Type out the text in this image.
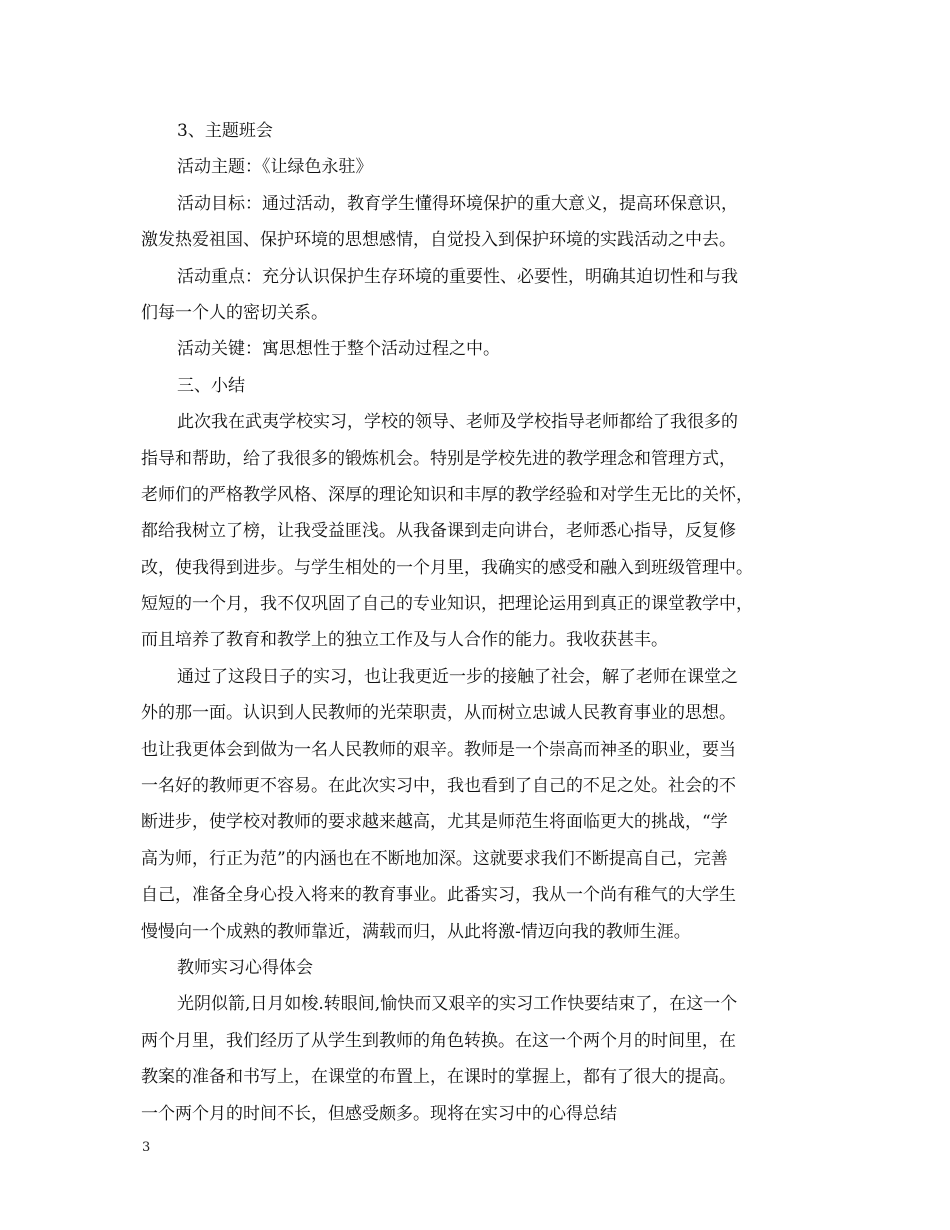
3、主题班会
活动主题：《让绿色永驻》
活动目标：通过活动，教育学生懂得环境保护的重大意义，提高环保意识，
激发热爱祖国、保护环境的思想感情，自觉投入到保护环境的实践活动之中去。
活动重点：充分认识保护生存环境的重要性、必要性，明确其迫切性和与我
们每一个人的密切关系。
活动关键：寓思想性于整个活动过程之中。
三、小结
此次我在武夷学校实习，学校的领导、老师及学校指导老师都给了我很多的
指导和帮助，给了我很多的锻炼机会。特别是学校先进的教学理念和管理方式，
老师们的严格教学风格、深厚的理论知识和丰厚的教学经验和对学生无比的关怀，
都给我树立了榜，让我受益匪浅。从我备课到走向讲台，老师悉心指导，反复修
改，使我得到进步。与学生相处的一个月里，我确实的感受和融入到班级管理中。
短短的一个月，我不仅巩固了自己的专业知识，把理论运用到真正的课堂教学中，
而且培养了教育和教学上的独立工作及与人合作的能力。我收获甚丰。
通过了这段日子的实习，也让我更近一步的接触了社会，解了老师在课堂之
外的那一面。认识到人民教师的光荣职责，从而树立忠诚人民教育事业的思想。
也让我更体会到做为一名人民教师的艰辛。教师是一个崇高而神圣的职业，要当
一名好的教师更不容易。在此次实习中，我也看到了自己的不足之处。社会的不
断进步，使学校对教师的要求越来越高，尤其是师范生将面临更大的挑战，“学
高为师，行正为范”的内涵也在不断地加深。这就要求我们不断提高自己，完善
自己，准备全身心投入将来的教育事业。此番实习，我从一个尚有稚气的大学生
慢慢向一个成熟的教师靠近，满载而归，从此将激-情迈向我的教师生涯。
教师实习心得体会
光阴似箭,日月如梭.转眼间,愉快而又艰辛的实习工作快要结束了，在这一个
两个月里，我们经历了从学生到教师的角色转换。在这一个两个月的时间里，在
教案的准备和书写上，在课堂的布置上，在课时的掌握上，都有了很大的提高。
一个两个月的时间不长，但感受颇多。现将在实习中的心得总结
3
